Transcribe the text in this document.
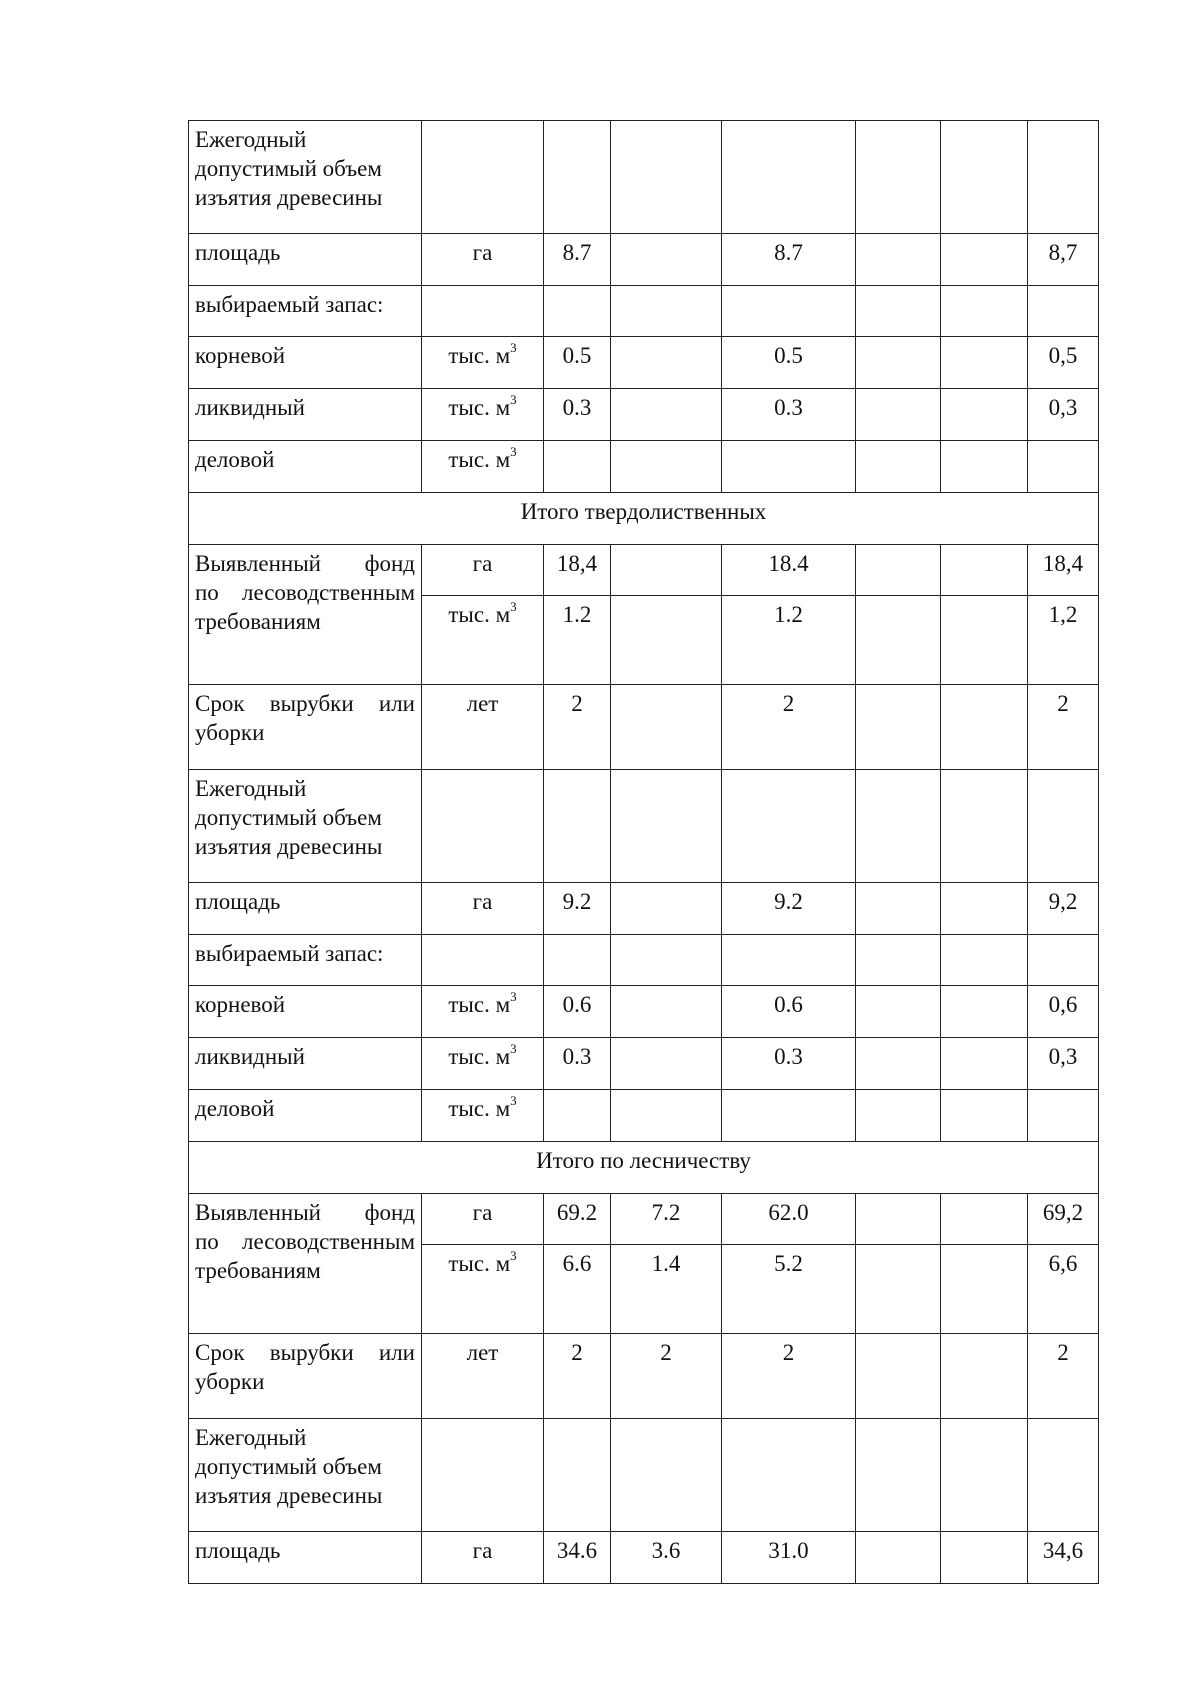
Ежегодный допустимый объем изъятия древесины							
площадь	га	8.7		8.7			8,7
выбираемый запас:							
корневой	тыс. $м^3$	0.5		0.5			0,5
ликвидный	тыс. $м^3$	0.3		0.3			0,3
деловой	тыс. $м^3$						
Итого твердолиственных							
Выявленный фонд
по лесоводственным требованиям	га	18,4		18.4			18,4
	тыс. $м^3$	1.2		1.2			1,2
Срок вырубки или
уборки	лет	2		2			2
Ежегодный допустимый объем изъятия древесины							
площадь	га	9.2		9.2			9,2
выбираемый запас:							
корневой	тыс. $м^3$	0.6		0.6			0,6
ликвидный	тыс. $м^3$	0.3		0.3			0,3
деловой	тыс. $м^3$						
Итого по лесничеству							
Выявленный фонд
по лесоводственным требованиям	га	69.2	7.2	62.0			69,2
	тыс. $м^3$	6.6	1.4	5.2			6,6
Срок вырубки или
уборки	лет	2	2	2			2
Ежегодный допустимый объем изъятия древесины							
площадь	га	34.6	3.6	31.0			34,6
